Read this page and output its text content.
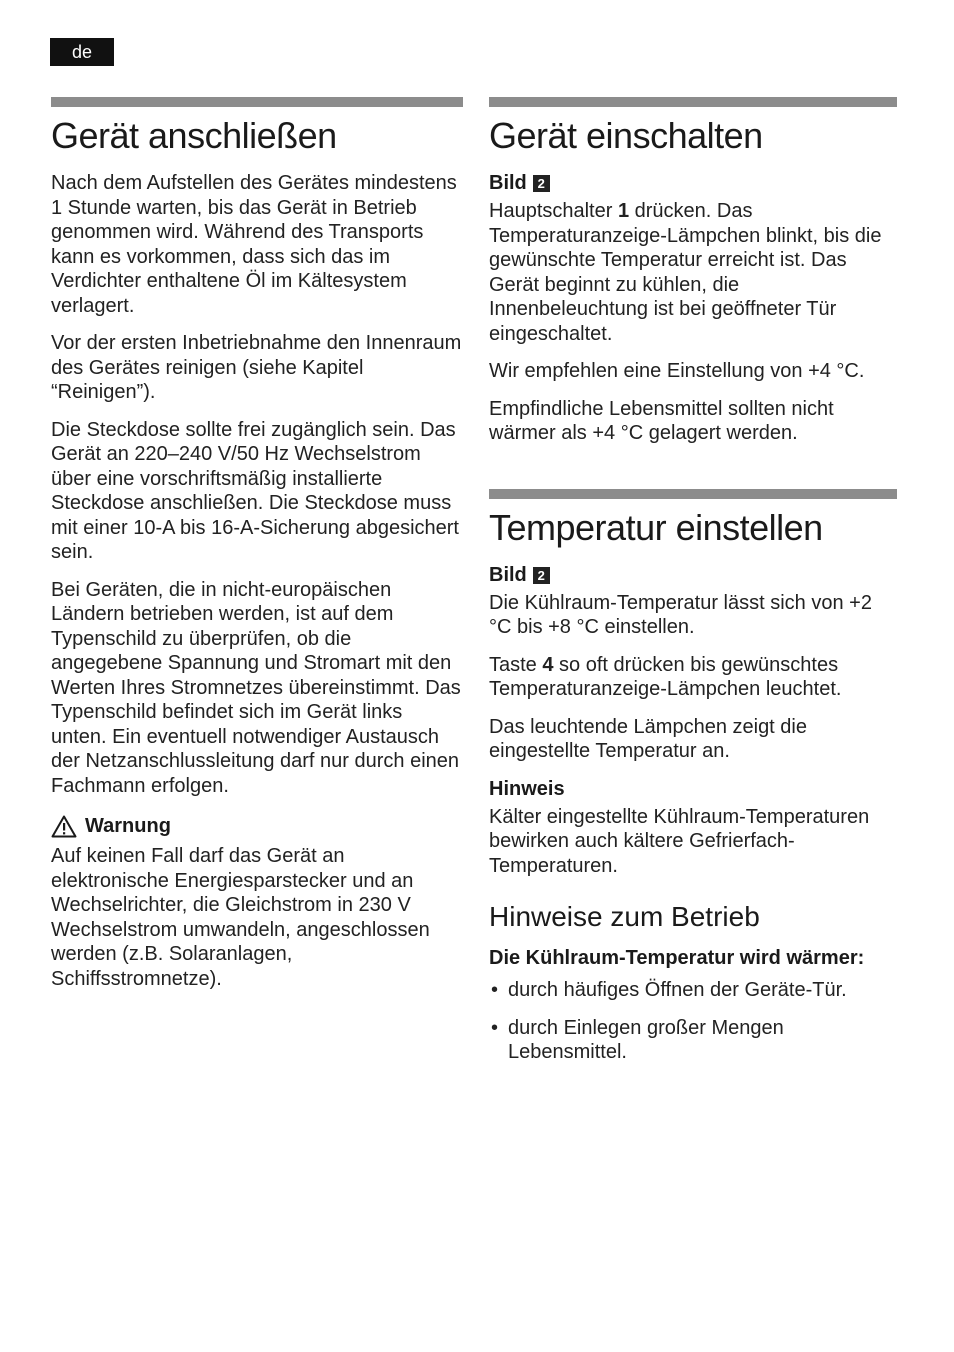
de
Gerät anschließen

Nach dem Aufstellen des Gerätes mindestens 1 Stunde warten, bis das Gerät in Betrieb genommen wird. Während des Transports kann es vorkommen, dass sich das im Verdichter enthaltene Öl im Kältesystem verlagert.

Vor der ersten Inbetriebnahme den Innenraum des Gerätes reinigen (siehe Kapitel “Reinigen”).

Die Steckdose sollte frei zugänglich sein. Das Gerät an 220–240 V/50 Hz Wechselstrom über eine vorschriftsmäßig installierte Steckdose anschließen. Die Steckdose muss mit einer 10-A bis 16-A-Sicherung abgesichert sein.

Bei Geräten, die in nicht-europäischen Ländern betrieben werden, ist auf dem Typenschild zu überprüfen, ob die angegebene Spannung und Stromart mit den Werten Ihres Stromnetzes übereinstimmt. Das Typenschild befindet sich im Gerät links unten. Ein eventuell notwendiger Austausch der Netzanschlussleitung darf nur durch einen Fachmann erfolgen.

Warnung

Auf keinen Fall darf das Gerät an elektronische Energiesparstecker und an Wechselrichter, die Gleichstrom in 230 V Wechselstrom umwandeln, angeschlossen werden (z.B. Solaranlagen, Schiffsstromnetze).

Gerät einschalten
Bild 2

Hauptschalter 1 drücken. Das Temperaturanzeige-Lämpchen blinkt, bis die gewünschte Temperatur erreicht ist. Das Gerät beginnt zu kühlen, die Innenbeleuchtung ist bei geöffneter Tür eingeschaltet.

Wir empfehlen eine Einstellung von +4 °C.

Empfindliche Lebensmittel sollten nicht wärmer als +4 °C gelagert werden.

Temperatur einstellen
Bild 2

Die Kühlraum-Temperatur lässt sich von +2 °C bis +8 °C einstellen.

Taste 4 so oft drücken bis gewünschtes Temperaturanzeige-Lämpchen leuchtet.

Das leuchtende Lämpchen zeigt die eingestellte Temperatur an.

Hinweis

Kälter eingestellte Kühlraum-Temperaturen bewirken auch kältere Gefrierfach-Temperaturen.

Hinweise zum Betrieb
Die Kühlraum-Temperatur wird wärmer:
• durch häufiges Öffnen der Geräte-Tür.
• durch Einlegen großer Mengen Lebensmittel.
